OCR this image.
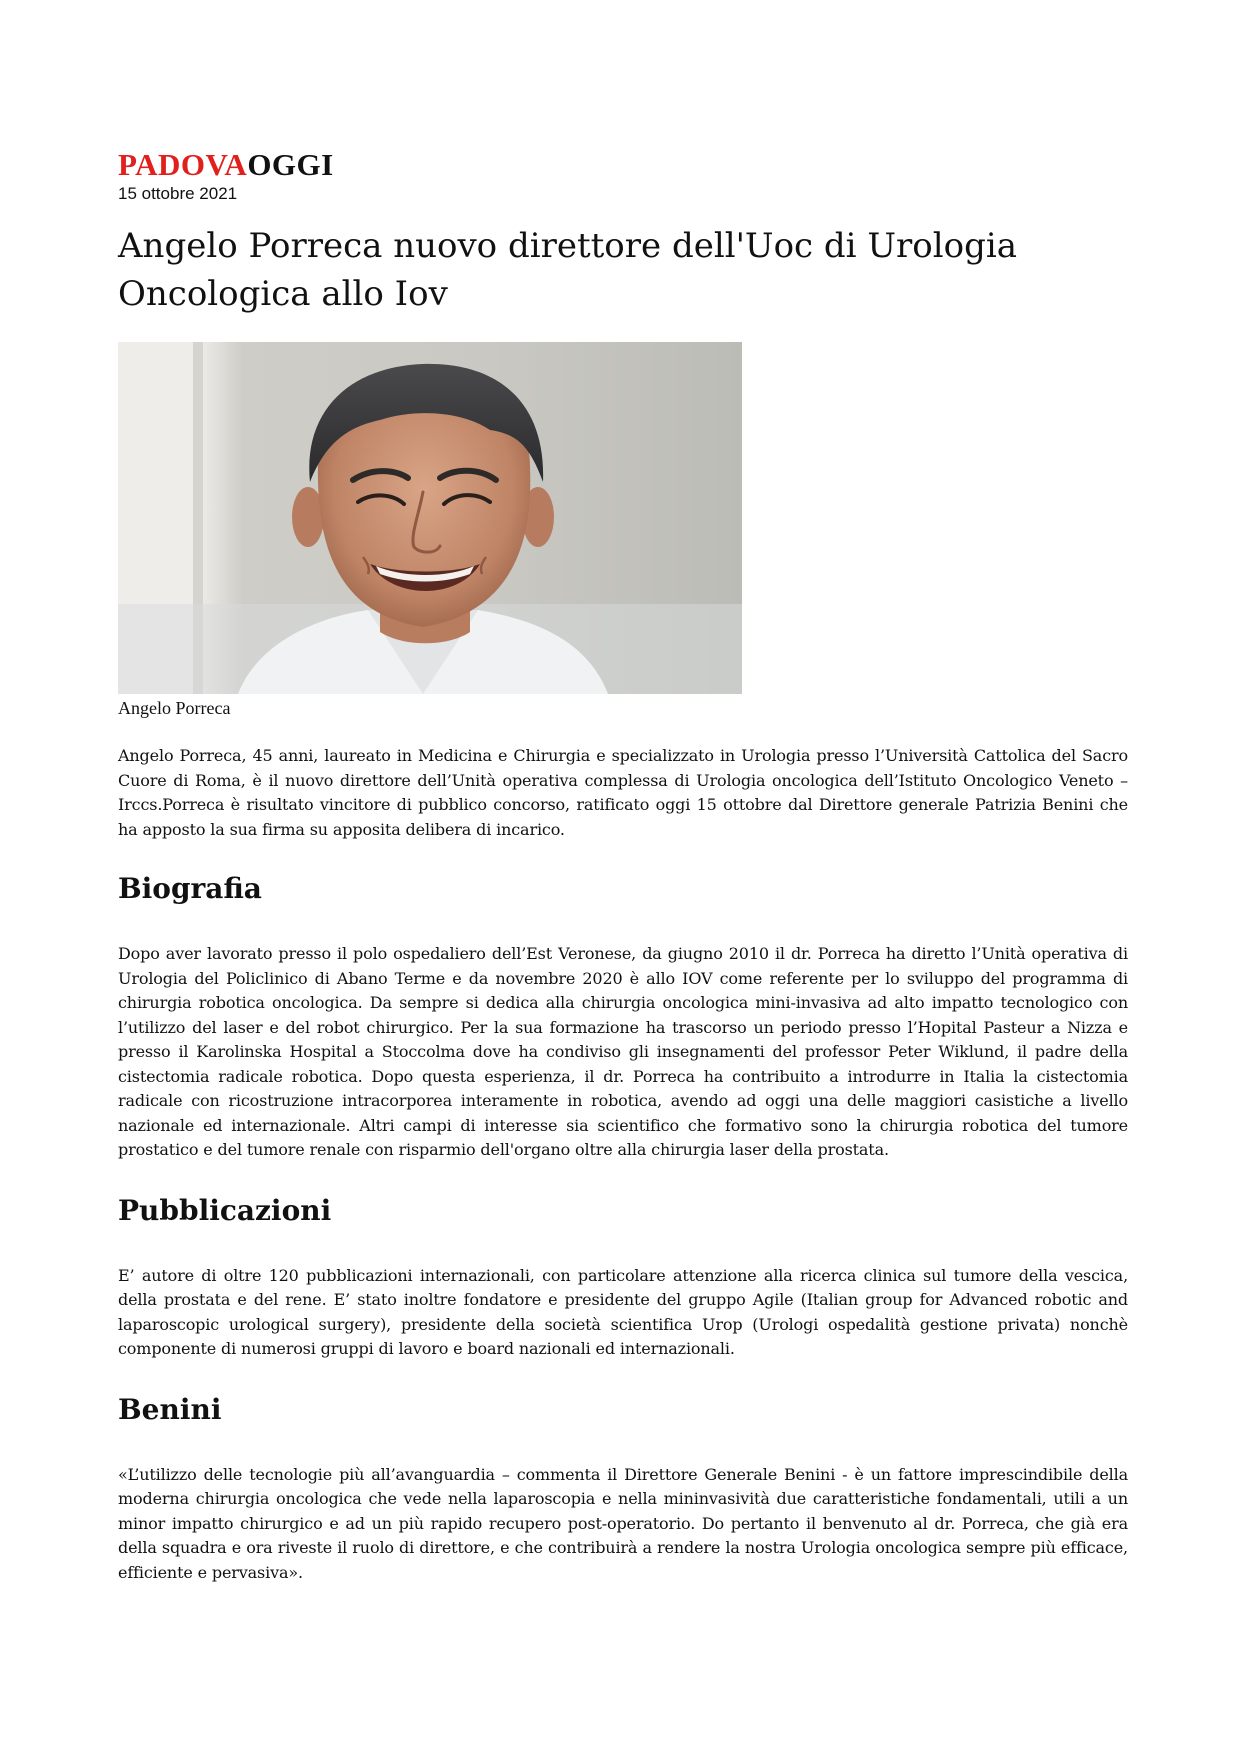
PADOVAOGGI
15 ottobre 2021
Angelo Porreca nuovo direttore dell'Uoc di Urologia Oncologica allo Iov
Angelo Porreca

Angelo Porreca, 45 anni, laureato in Medicina e Chirurgia e specializzato in Urologia presso l’Università Cattolica del Sacro Cuore di Roma, è il nuovo direttore dell’Unità operativa complessa di Urologia oncologica dell’Istituto Oncologico Veneto – Irccs.Porreca è risultato vincitore di pubblico concorso, ratificato oggi 15 ottobre dal Direttore generale Patrizia Benini che ha apposto la sua firma su apposita delibera di incarico.

Biografia

Dopo aver lavorato presso il polo ospedaliero dell’Est Veronese, da giugno 2010 il dr. Porreca ha diretto l’Unità operativa di Urologia del Policlinico di Abano Terme e da novembre 2020 è allo IOV come referente per lo sviluppo del programma di chirurgia robotica oncologica. Da sempre si dedica alla chirurgia oncologica mini-invasiva ad alto impatto tecnologico con l’utilizzo del laser e del robot chirurgico. Per la sua formazione ha trascorso un periodo presso l’Hopital Pasteur a Nizza e presso il Karolinska Hospital a Stoccolma dove ha condiviso gli insegnamenti del professor Peter Wiklund, il padre della cistectomia radicale robotica. Dopo questa esperienza, il dr. Porreca ha contribuito a introdurre in Italia la cistectomia radicale con ricostruzione intracorporea interamente in robotica, avendo ad oggi una delle maggiori casistiche a livello nazionale ed internazionale. Altri campi di interesse sia scientifico che formativo sono la chirurgia robotica del tumore prostatico e del tumore renale con risparmio dell'organo oltre alla chirurgia laser della prostata.

Pubblicazioni

E’ autore di oltre 120 pubblicazioni internazionali, con particolare attenzione alla ricerca clinica sul tumore della vescica, della prostata e del rene. E’ stato inoltre fondatore e presidente del gruppo Agile (Italian group for Advanced robotic and laparoscopic urological surgery), presidente della società scientifica Urop (Urologi ospedalità gestione privata) nonchè componente di numerosi gruppi di lavoro e board nazionali ed internazionali.

Benini

«L’utilizzo delle tecnologie più all’avanguardia – commenta il Direttore Generale Benini - è un fattore imprescindibile della moderna chirurgia oncologica che vede nella laparoscopia e nella mininvasività due caratteristiche fondamentali, utili a un minor impatto chirurgico e ad un più rapido recupero post-operatorio. Do pertanto il benvenuto al dr. Porreca, che già era della squadra e ora riveste il ruolo di direttore, e che contribuirà a rendere la nostra Urologia oncologica sempre più efficace, efficiente e pervasiva».
